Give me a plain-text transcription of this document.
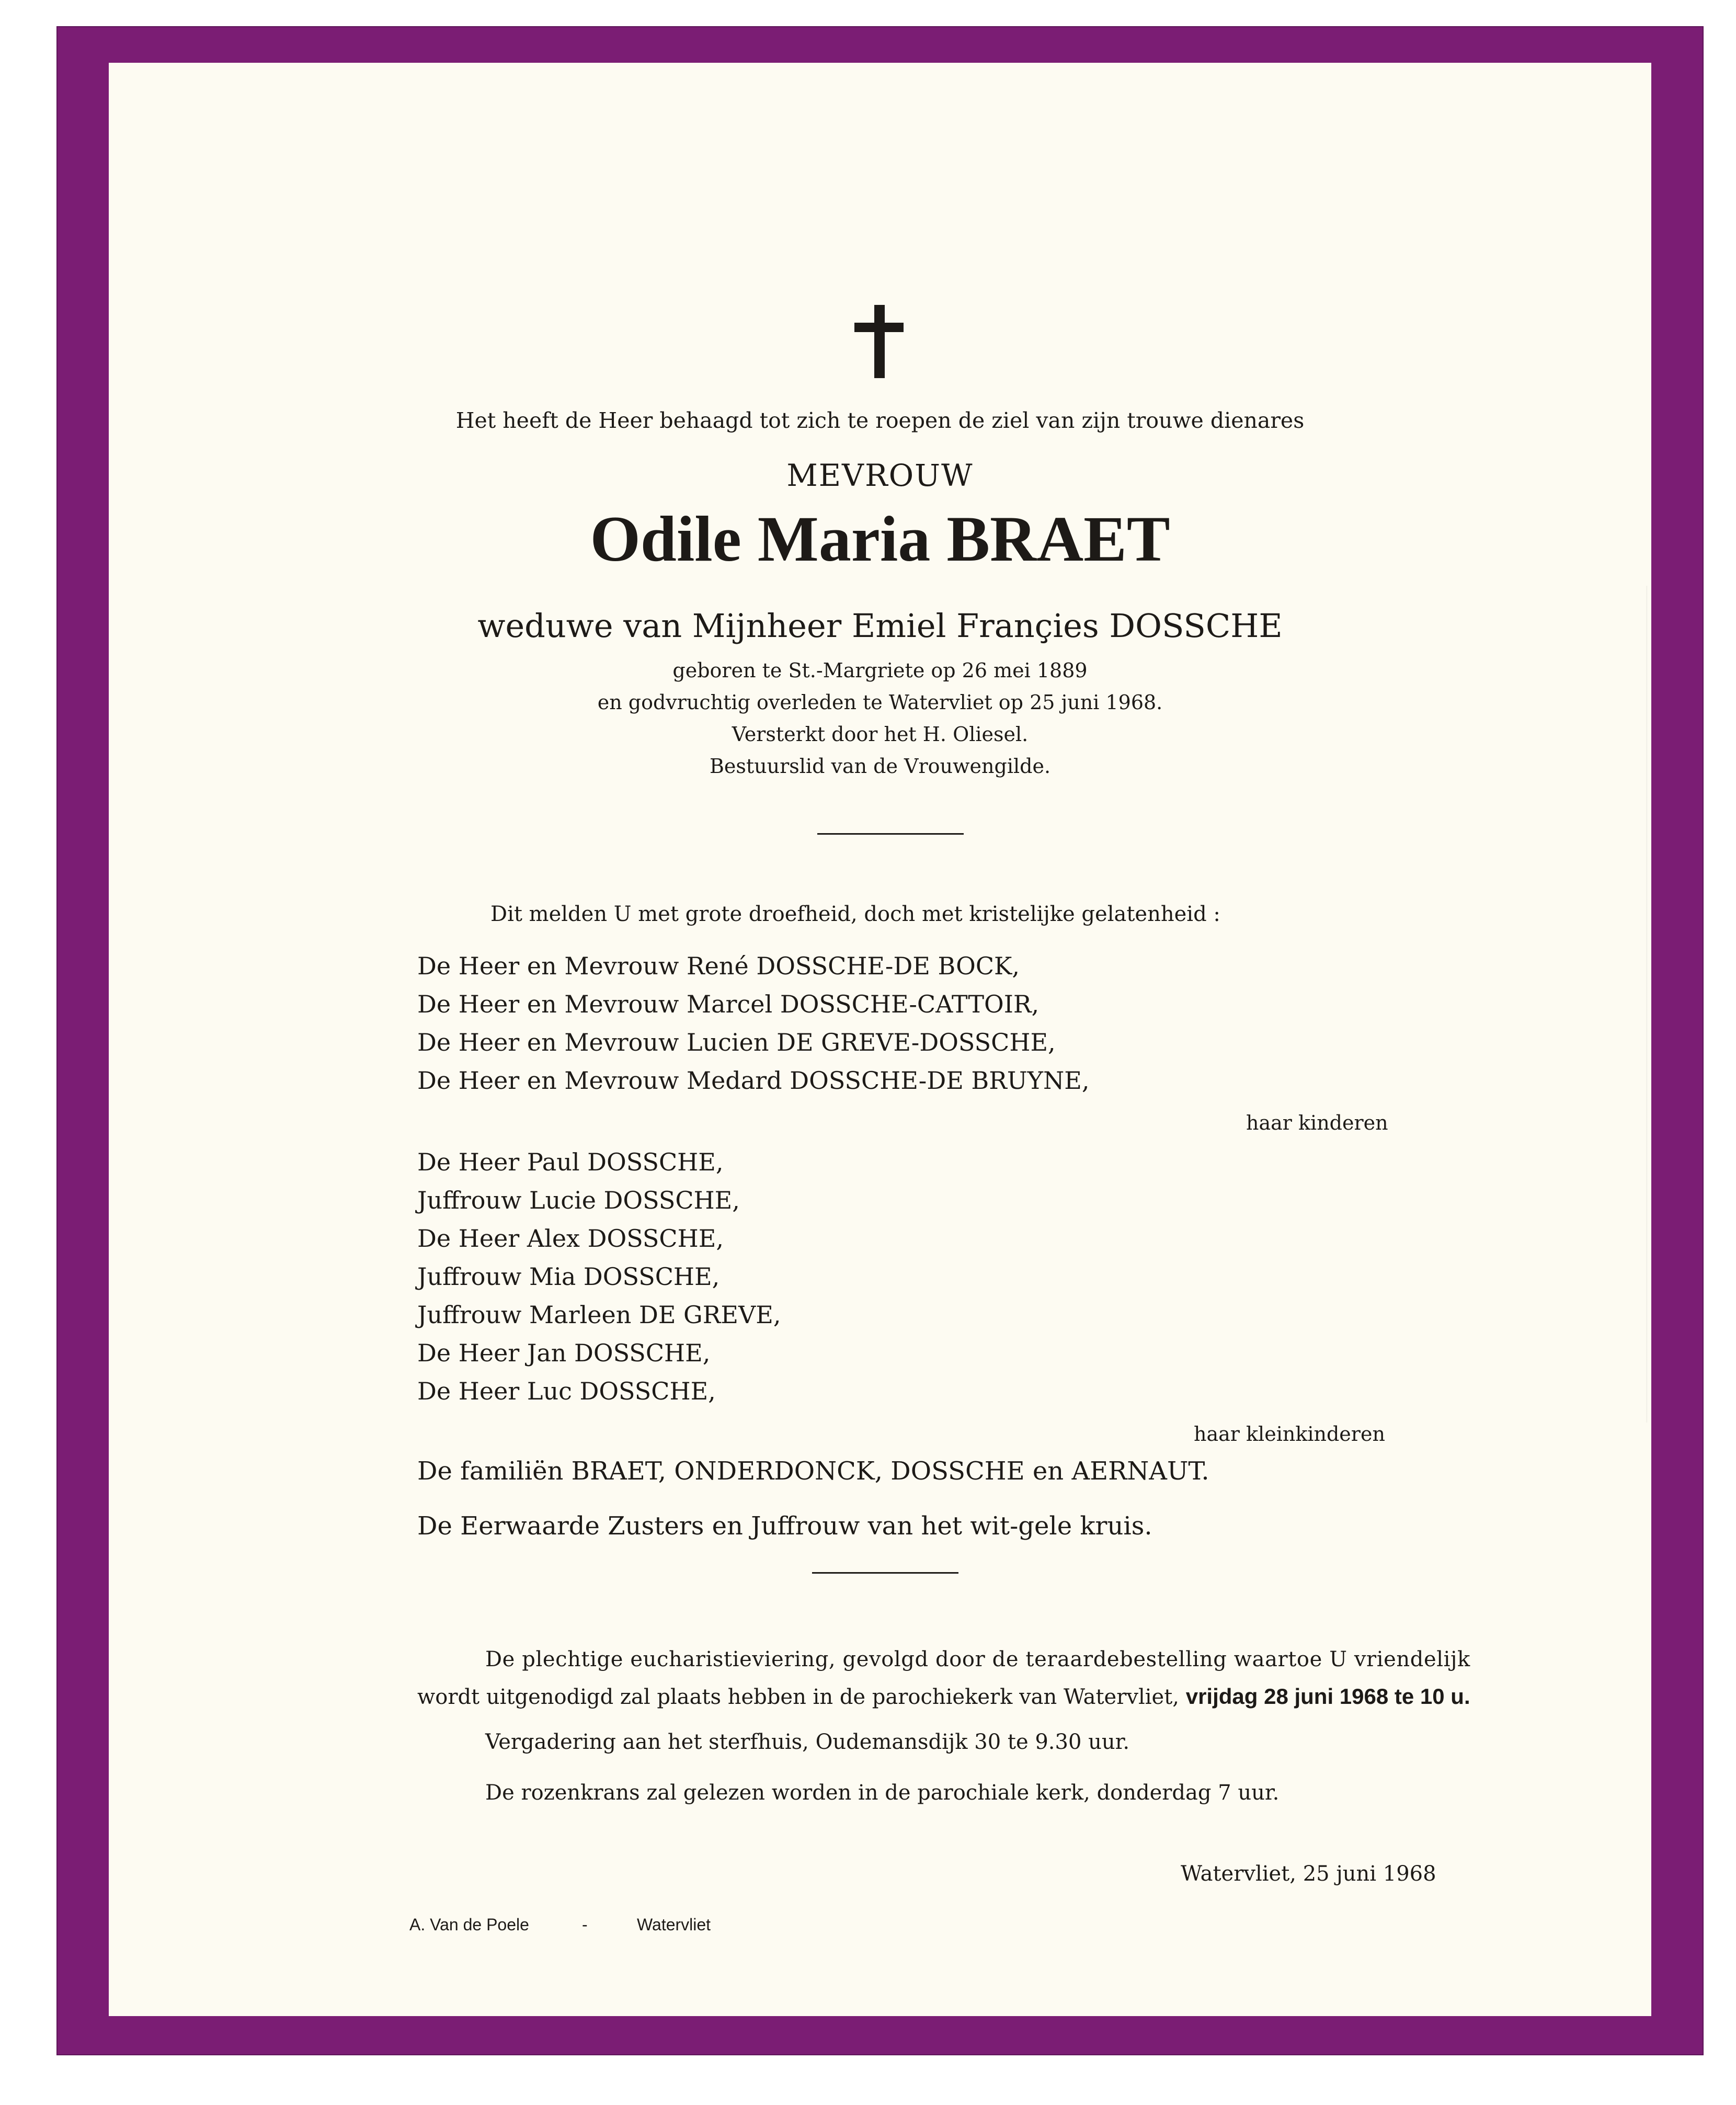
Het heeft de Heer behaagd tot zich te roepen de ziel van zijn trouwe dienares
MEVROUW
Odile Maria BRAET
weduwe van Mijnheer Emiel Françies DOSSCHE
geboren te St.-Margriete op 26 mei 1889
en godvruchtig overleden te Watervliet op 25 juni 1968.
Versterkt door het H. Oliesel.
Bestuurslid van de Vrouwengilde.
Dit melden U met grote droefheid, doch met kristelijke gelatenheid :
De Heer en Mevrouw René DOSSCHE-DE BOCK,
De Heer en Mevrouw Marcel DOSSCHE-CATTOIR,
De Heer en Mevrouw Lucien DE GREVE-DOSSCHE,
De Heer en Mevrouw Medard DOSSCHE-DE BRUYNE,
haar kinderen
De Heer Paul DOSSCHE,
Juffrouw Lucie DOSSCHE,
De Heer Alex DOSSCHE,
Juffrouw Mia DOSSCHE,
Juffrouw Marleen DE GREVE,
De Heer Jan DOSSCHE,
De Heer Luc DOSSCHE,
haar kleinkinderen
De familiën BRAET, ONDERDONCK, DOSSCHE en AERNAUT.
De Eerwaarde Zusters en Juffrouw van het wit-gele kruis.
De plechtige eucharistieviering, gevolgd door de teraardebestelling waartoe U vriendelijk
wordt uitgenodigd zal plaats hebben in de parochiekerk van Watervliet, vrijdag 28 juni 1968 te 10 u.
Vergadering aan het sterfhuis, Oudemansdijk 30 te 9.30 uur.
De rozenkrans zal gelezen worden in de parochiale kerk, donderdag 7 uur.
Watervliet, 25 juni 1968
A. Van de Poele	-	Watervliet
